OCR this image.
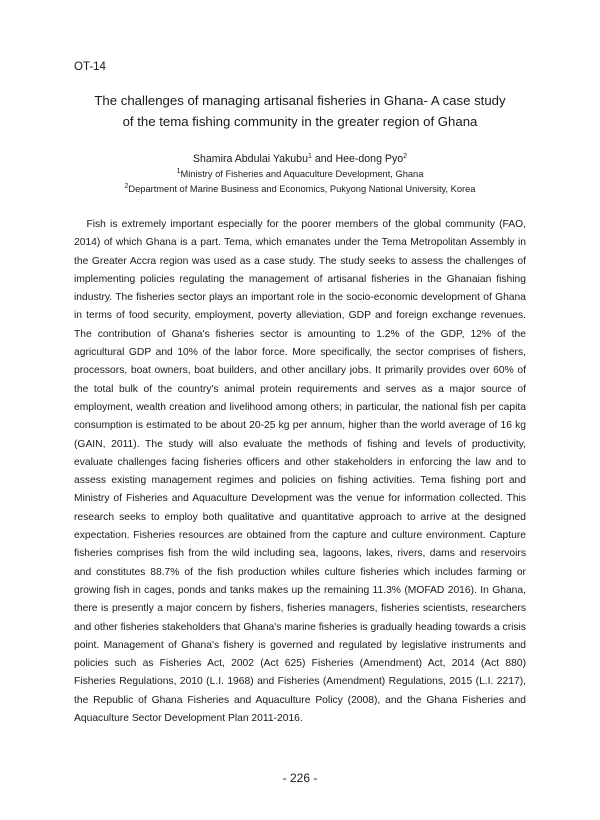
OT-14
The challenges of managing artisanal fisheries in Ghana- A case study
of the tema fishing community in the greater region of Ghana
Shamira Abdulai Yakubu$^1$ and Hee-dong Pyo$^2$
$^1$Ministry of Fisheries and Aquaculture Development, Ghana
$^2$Department of Marine Business and Economics, Pukyong National University, Korea

Fish is extremely important especially for the poorer members of the global community (FAO, 2014) of which Ghana is a part. Tema, which emanates under the Tema Metropolitan Assembly in the Greater Accra region was used as a case study. The study seeks to assess the challenges of implementing policies regulating the management of artisanal fisheries in the Ghanaian fishing industry. The fisheries sector plays an important role in the socio-economic development of Ghana in terms of food security, employment, poverty alleviation, GDP and foreign exchange revenues. The contribution of Ghana's fisheries sector is amounting to 1.2% of the GDP, 12% of the agricultural GDP and 10% of the labor force. More specifically, the sector comprises of fishers, processors, boat owners, boat builders, and other ancillary jobs. It primarily provides over 60% of the total bulk of the country's animal protein requirements and serves as a major source of employment, wealth creation and livelihood among others; in particular, the national fish per capita consumption is estimated to be about 20-25 kg per annum, higher than the world average of 16 kg (GAIN, 2011). The study will also evaluate the methods of fishing and levels of productivity, evaluate challenges facing fisheries officers and other stakeholders in enforcing the law and to assess existing management regimes and policies on fishing activities. Tema fishing port and Ministry of Fisheries and Aquaculture Development was the venue for information collected. This research seeks to employ both qualitative and quantitative approach to arrive at the designed expectation. Fisheries resources are obtained from the capture and culture environment. Capture fisheries comprises fish from the wild including sea, lagoons, lakes, rivers, dams and reservoirs and constitutes 88.7% of the fish production whiles culture fisheries which includes farming or growing fish in cages, ponds and tanks makes up the remaining 11.3% (MOFAD 2016). In Ghana, there is presently a major concern by fishers, fisheries managers, fisheries scientists, researchers and other fisheries stakeholders that Ghana's marine fisheries is gradually heading towards a crisis point. Management of Ghana's fishery is governed and regulated by legislative instruments and policies such as Fisheries Act, 2002 (Act 625) Fisheries (Amendment) Act, 2014 (Act 880) Fisheries Regulations, 2010 (L.I. 1968) and Fisheries (Amendment) Regulations, 2015 (L.I. 2217), the Republic of Ghana Fisheries and Aquaculture Policy (2008), and the Ghana Fisheries and Aquaculture Sector Development Plan 2011-2016.

- 226 -
